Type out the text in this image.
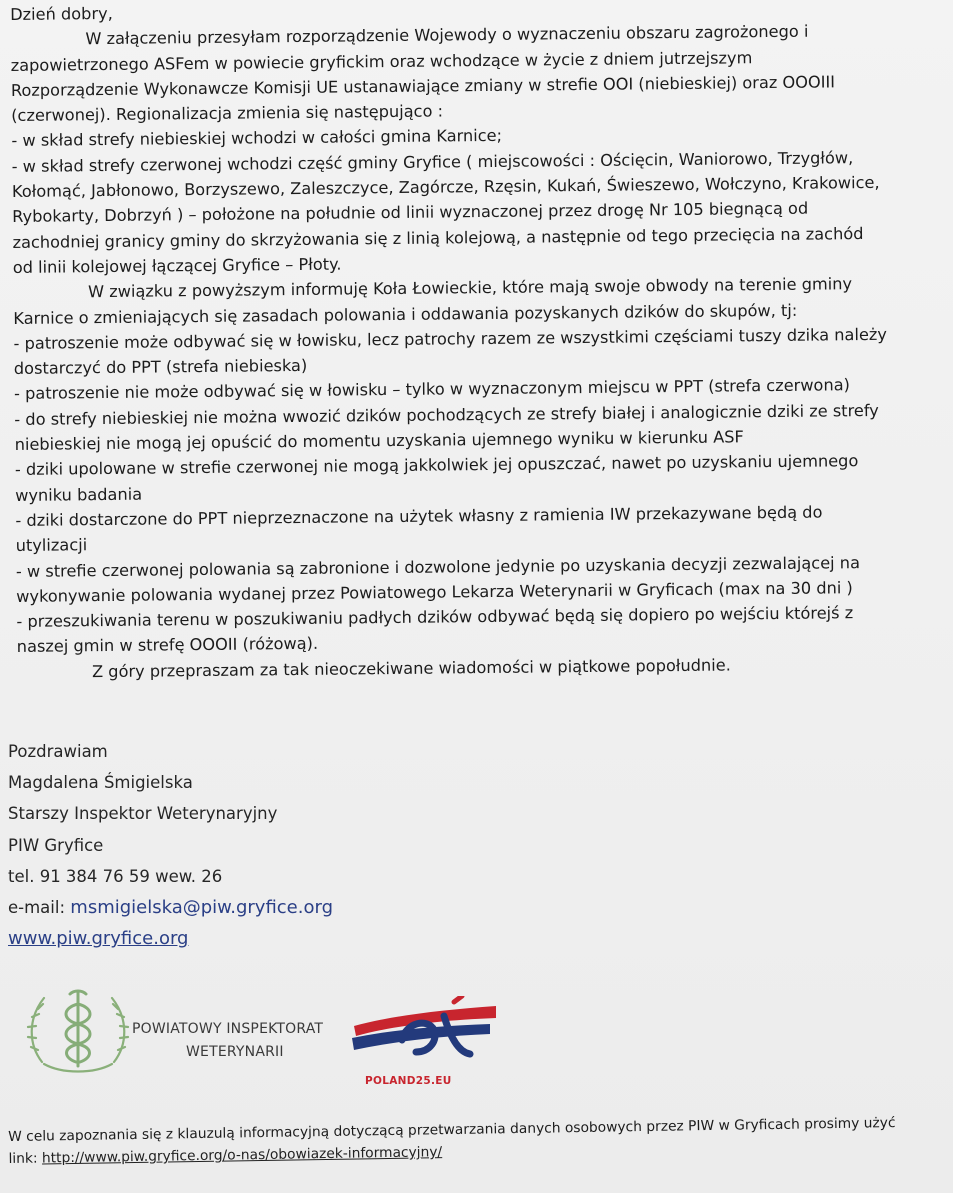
Dzień dobry,
W załączeniu przesyłam rozporządzenie Wojewody o wyznaczeniu obszaru zagrożonego i
zapowietrzonego ASFem w powiecie gryfickim oraz wchodzące w życie z dniem jutrzejszym
Rozporządzenie Wykonawcze Komisji UE ustanawiające zmiany w strefie OOI (niebieskiej) oraz OOOIII
(czerwonej). Regionalizacja zmienia się następująco :
- w skład strefy niebieskiej wchodzi w całości gmina Karnice;
- w skład strefy czerwonej wchodzi część gminy Gryfice ( miejscowości : Ościęcin, Waniorowo, Trzygłów,
Kołomąć, Jabłonowo, Borzyszewo, Zaleszczyce, Zagórcze, Rzęsin, Kukań, Świeszewo, Wołczyno, Krakowice,
Rybokarty, Dobrzyń ) – położone na południe od linii wyznaczonej przez drogę Nr 105 biegnącą od
zachodniej granicy gminy do skrzyżowania się z linią kolejową, a następnie od tego przecięcia na zachód
od linii kolejowej łączącej Gryfice – Płoty.
W związku z powyższym informuję Koła Łowieckie, które mają swoje obwody na terenie gminy
Karnice o zmieniających się zasadach polowania i oddawania pozyskanych dzików do skupów, tj:
- patroszenie może odbywać się w łowisku, lecz patrochy razem ze wszystkimi częściami tuszy dzika należy
dostarczyć do PPT (strefa niebieska)
- patroszenie nie może odbywać się w łowisku – tylko w wyznaczonym miejscu w PPT (strefa czerwona)
- do strefy niebieskiej nie można wwozić dzików pochodzących ze strefy białej i analogicznie dziki ze strefy
niebieskiej nie mogą jej opuścić do momentu uzyskania ujemnego wyniku w kierunku ASF
- dziki upolowane w strefie czerwonej nie mogą jakkolwiek jej opuszczać, nawet po uzyskaniu ujemnego
wyniku badania
- dziki dostarczone do PPT nieprzeznaczone na użytek własny z ramienia IW przekazywane będą do
utylizacji
- w strefie czerwonej polowania są zabronione i dozwolone jedynie po uzyskania decyzji zezwalającej na
wykonywanie polowania wydanej przez Powiatowego Lekarza Weterynarii w Gryficach (max na 30 dni )
- przeszukiwania terenu w poszukiwaniu padłych dzików odbywać będą się dopiero po wejściu którejś z
naszej gmin w strefę OOOII (różową).
Z góry przepraszam za tak nieoczekiwane wiadomości w piątkowe popołudnie.
Pozdrawiam
Magdalena Śmigielska
Starszy Inspektor Weterynaryjny
PIW Gryfice
tel. 91 384 76 59 wew. 26
e-mail: msmigielska@piw.gryfice.org
www.piw.gryfice.org
POWIATOWY INSPEKTORAT
WETERYNARII
POLAND25.EU
W celu zapoznania się z klauzulą informacyjną dotyczącą przetwarzania danych osobowych przez PIW w Gryficach prosimy użyć
link: http://www.piw.gryfice.org/o-nas/obowiazek-informacyjny/
